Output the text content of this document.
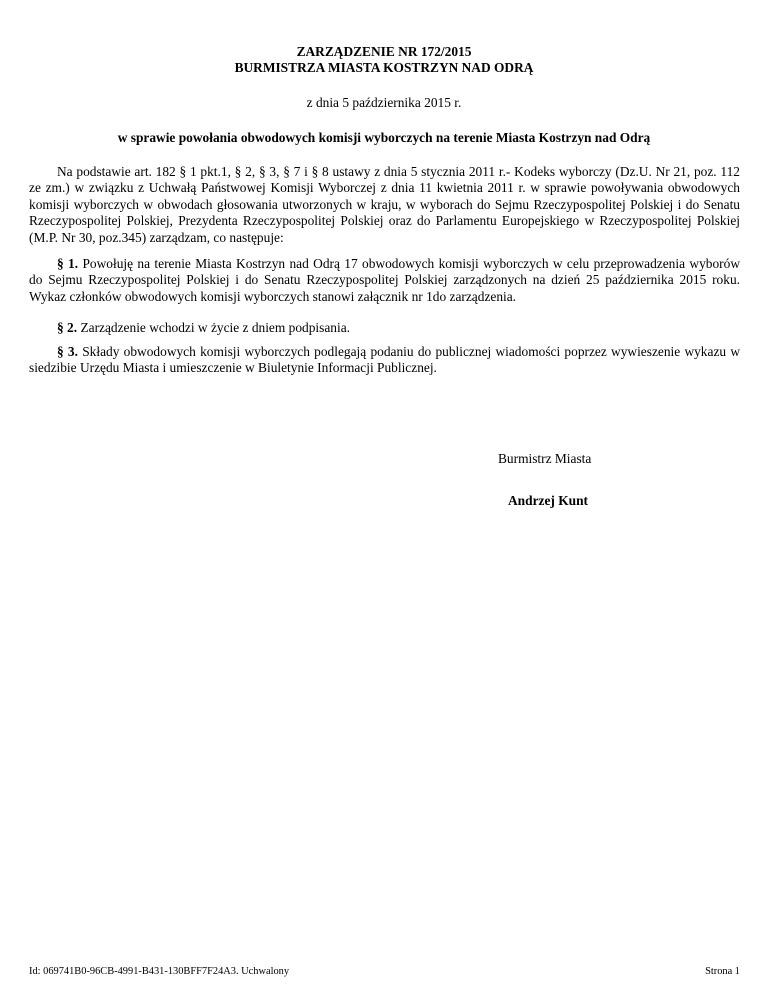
ZARZĄDZENIE NR 172/2015
BURMISTRZA MIASTA KOSTRZYN NAD ODRĄ
z dnia 5 października 2015 r.
w sprawie powołania obwodowych komisji wyborczych na terenie Miasta Kostrzyn nad Odrą

Na podstawie art. 182 § 1 pkt.1, § 2, § 3, § 7 i § 8 ustawy z dnia 5 stycznia 2011 r.- Kodeks wyborczy (Dz.U. Nr 21, poz. 112 ze zm.) w związku z Uchwałą Państwowej Komisji Wyborczej z dnia 11 kwietnia 2011 r. w sprawie powoływania obwodowych komisji wyborczych w obwodach głosowania utworzonych w kraju, w wyborach do Sejmu Rzeczypospolitej Polskiej i do Senatu Rzeczypospolitej Polskiej, Prezydenta Rzeczypospolitej Polskiej oraz do Parlamentu Europejskiego w Rzeczypospolitej Polskiej (M.P. Nr 30, poz.345) zarządzam, co następuje:

§ 1. Powołuję na terenie Miasta Kostrzyn nad Odrą 17 obwodowych komisji wyborczych w celu przeprowadzenia wyborów do Sejmu Rzeczypospolitej Polskiej i do Senatu Rzeczypospolitej Polskiej zarządzonych na dzień 25 października 2015 roku. Wykaz członków obwodowych komisji wyborczych stanowi załącznik nr 1do zarządzenia.

§ 2. Zarządzenie wchodzi w życie z dniem podpisania.

§ 3. Składy obwodowych komisji wyborczych podlegają podaniu do publicznej wiadomości poprzez wywieszenie wykazu w siedzibie Urzędu Miasta i umieszczenie w Biuletynie Informacji Publicznej.

Burmistrz Miasta
Andrzej Kunt
Id: 069741B0-96CB-4991-B431-130BFF7F24A3. Uchwalony	Strona 1
